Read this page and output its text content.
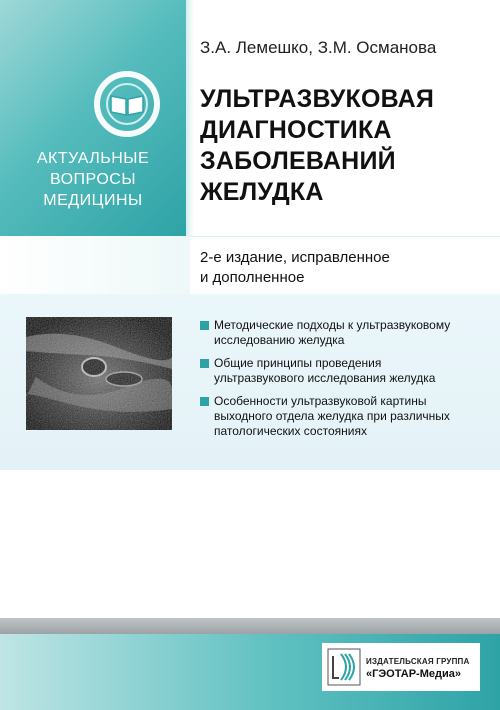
АКТУАЛЬНЫЕ
ВОПРОСЫ
МЕДИЦИНЫ
З.А. Лемешко, З.М. Османова
УЛЬТРАЗВУКОВАЯ
ДИАГНОСТИКА
ЗАБОЛЕВАНИЙ
ЖЕЛУДКА
2-е издание, исправленное
и дополненное
Методические подходы к ультразвуковому
исследованию желудка
Общие принципы проведения
ультразвукового исследования желудка
Особенности ультразвуковой картины
выходного отдела желудка при различных
патологических состояниях
ИЗДАТЕЛЬСКАЯ ГРУППА
«ГЭОТАР-Медиа»
